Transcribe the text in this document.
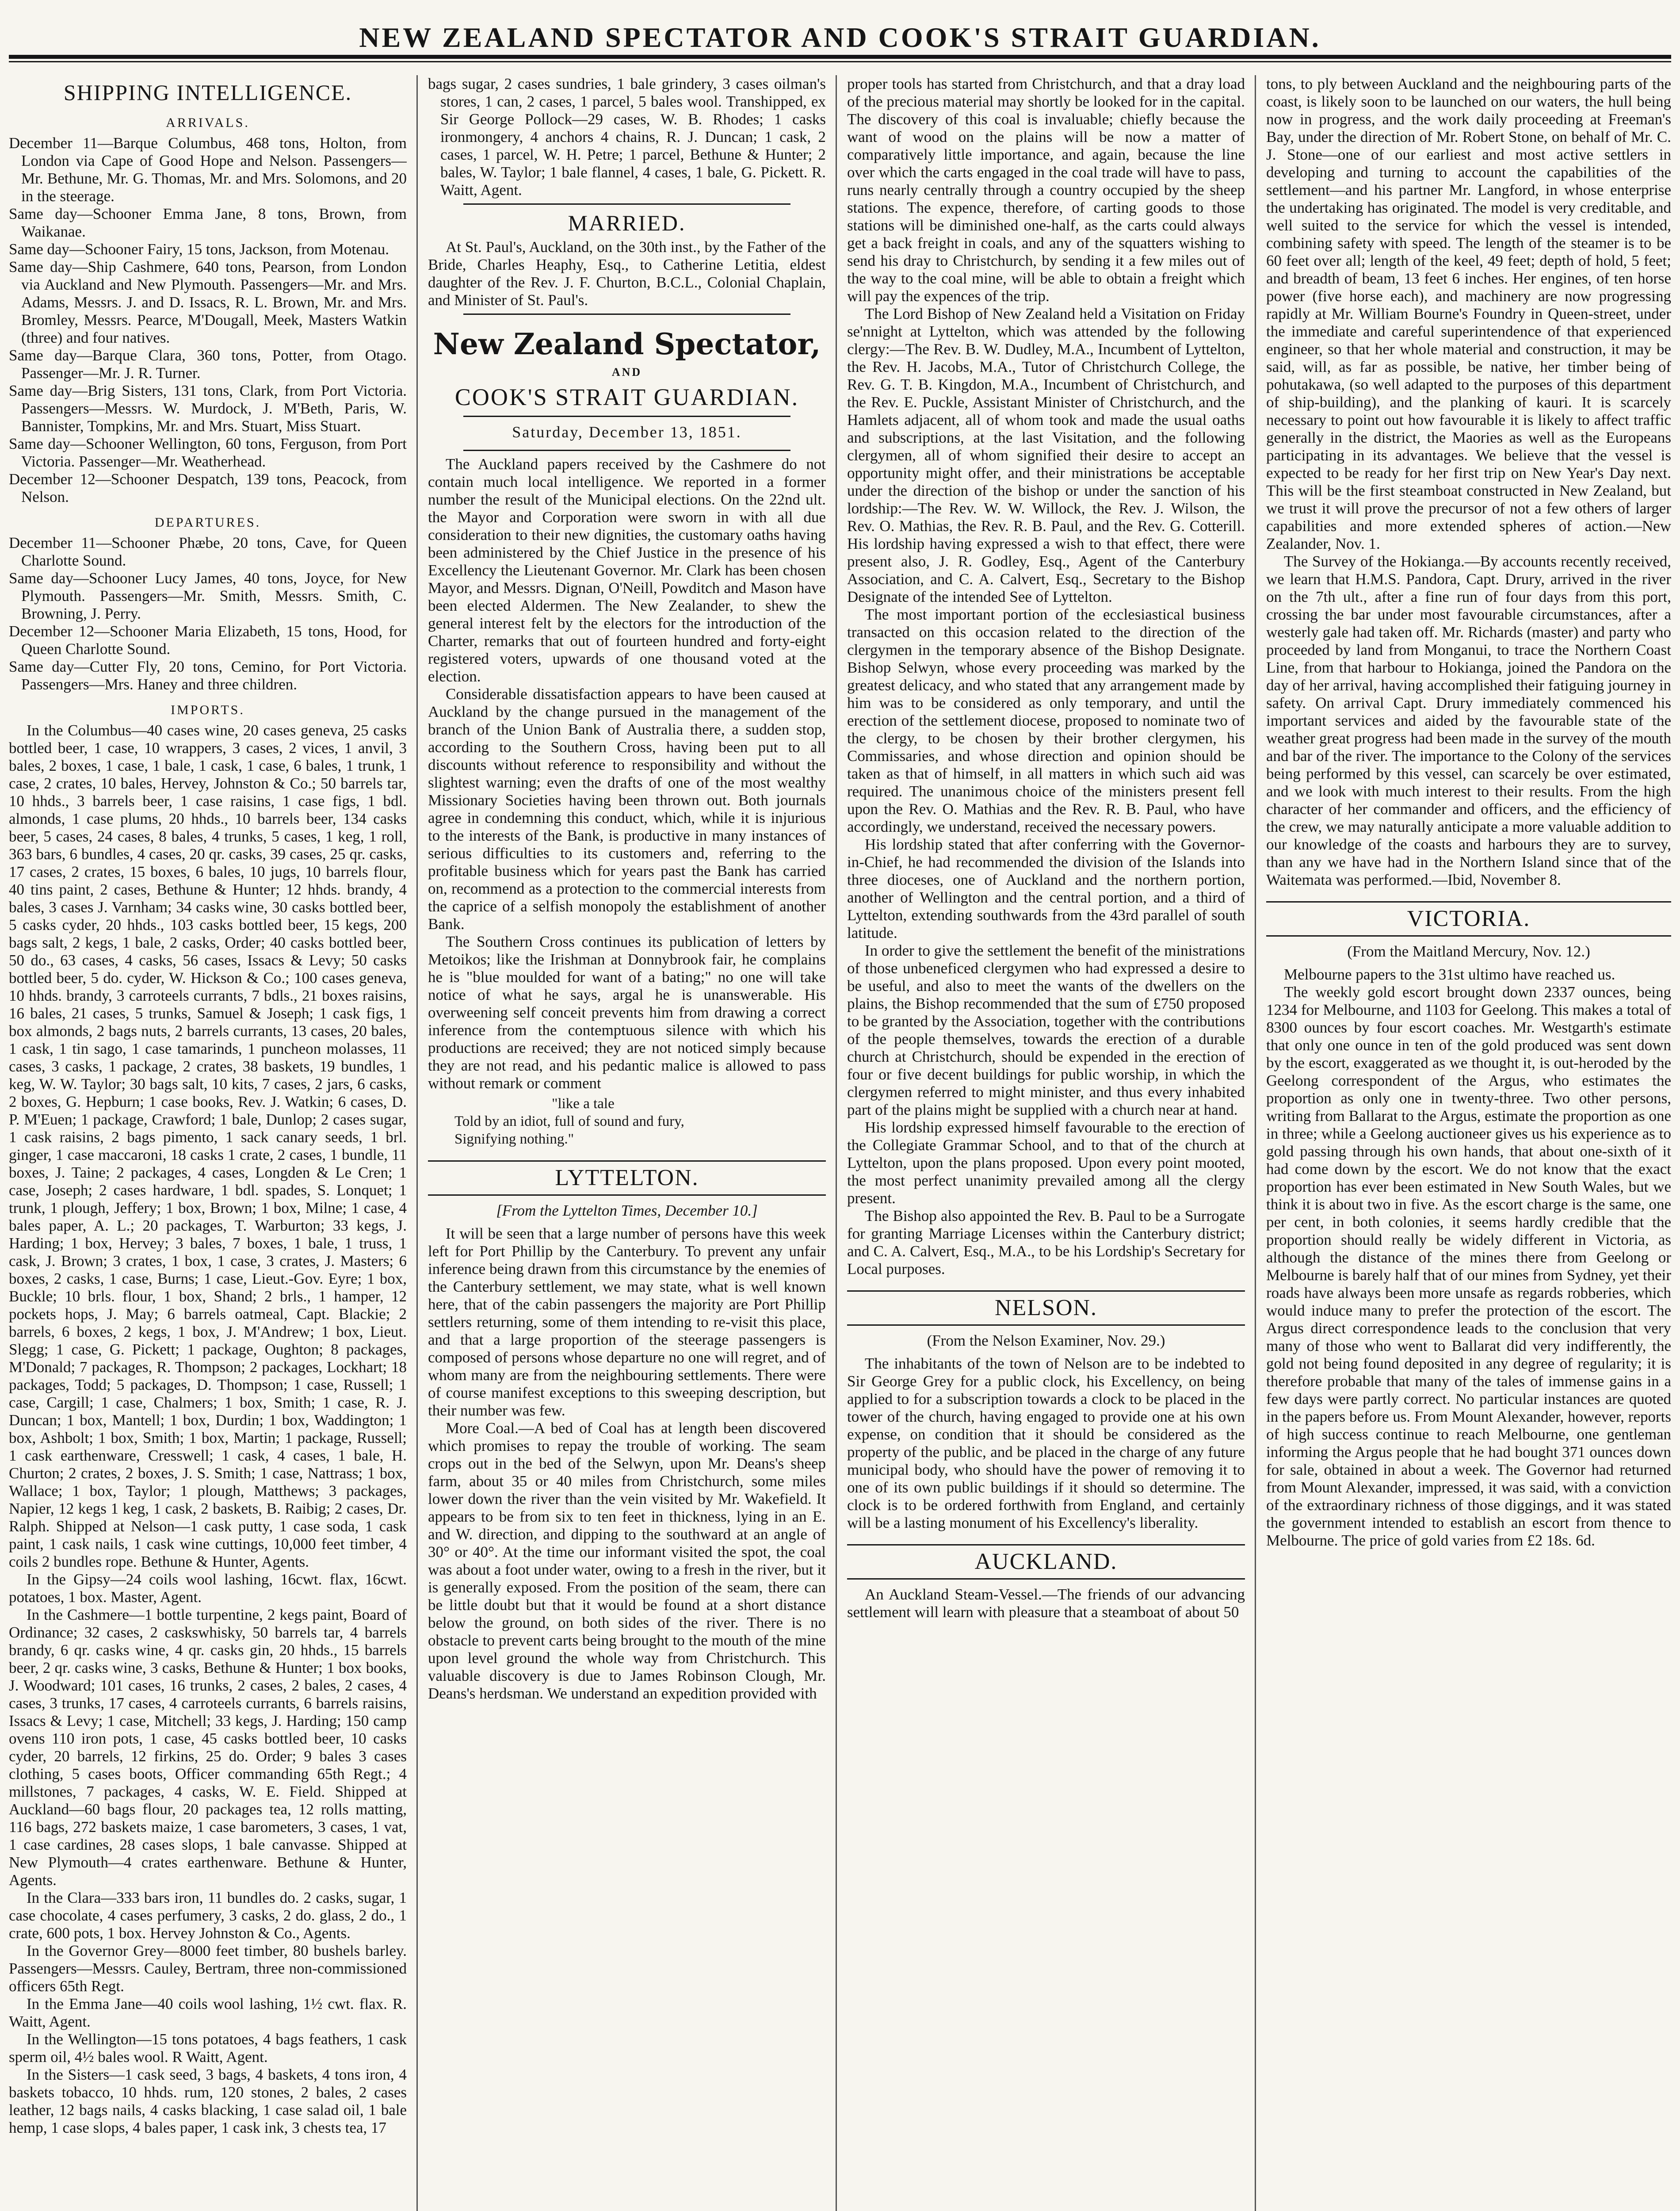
NEW ZEALAND SPECTATOR AND COOK'S STRAIT GUARDIAN.
SHIPPING INTELLIGENCE.
ARRIVALS.

December 11—Barque Columbus, 468 tons, Holton, from London via Cape of Good Hope and Nelson. Passengers—Mr. Bethune, Mr. G. Thomas, Mr. and Mrs. Solomons, and 20 in the steerage.

Same day—Schooner Emma Jane, 8 tons, Brown, from Waikanae.

Same day—Schooner Fairy, 15 tons, Jackson, from Motenau.

Same day—Ship Cashmere, 640 tons, Pearson, from London via Auckland and New Plymouth. Passengers—Mr. and Mrs. Adams, Messrs. J. and D. Issacs, R. L. Brown, Mr. and Mrs. Bromley, Messrs. Pearce, M'Dougall, Meek, Masters Watkin (three) and four natives.

Same day—Barque Clara, 360 tons, Potter, from Otago. Passenger—Mr. J. R. Turner.

Same day—Brig Sisters, 131 tons, Clark, from Port Victoria. Passengers—Messrs. W. Murdock, J. M'Beth, Paris, W. Bannister, Tompkins, Mr. and Mrs. Stuart, Miss Stuart.

Same day—Schooner Wellington, 60 tons, Ferguson, from Port Victoria. Passenger—Mr. Weatherhead.

December 12—Schooner Despatch, 139 tons, Peacock, from Nelson.

DEPARTURES.

December 11—Schooner Phæbe, 20 tons, Cave, for Queen Charlotte Sound.

Same day—Schooner Lucy James, 40 tons, Joyce, for New Plymouth. Passengers—Mr. Smith, Messrs. Smith, C. Browning, J. Perry.

December 12—Schooner Maria Elizabeth, 15 tons, Hood, for Queen Charlotte Sound.

Same day—Cutter Fly, 20 tons, Cemino, for Port Victoria. Passengers—Mrs. Haney and three children.

IMPORTS.

In the Columbus—40 cases wine, 20 cases geneva, 25 casks bottled beer, 1 case, 10 wrappers, 3 cases, 2 vices, 1 anvil, 3 bales, 2 boxes, 1 case, 1 bale, 1 cask, 1 case, 6 bales, 1 trunk, 1 case, 2 crates, 10 bales, Hervey, Johnston & Co.; 50 barrels tar, 10 hhds., 3 barrels beer, 1 case raisins, 1 case figs, 1 bdl. almonds, 1 case plums, 20 hhds., 10 barrels beer, 134 casks beer, 5 cases, 24 cases, 8 bales, 4 trunks, 5 cases, 1 keg, 1 roll, 363 bars, 6 bundles, 4 cases, 20 qr. casks, 39 cases, 25 qr. casks, 17 cases, 2 crates, 15 boxes, 6 bales, 10 jugs, 10 barrels flour, 40 tins paint, 2 cases, Bethune & Hunter; 12 hhds. brandy, 4 bales, 3 cases J. Varnham; 34 casks wine, 30 casks bottled beer, 5 casks cyder, 20 hhds., 103 casks bottled beer, 15 kegs, 200 bags salt, 2 kegs, 1 bale, 2 casks, Order; 40 casks bottled beer, 50 do., 63 cases, 4 casks, 56 cases, Issacs & Levy; 50 casks bottled beer, 5 do. cyder, W. Hickson & Co.; 100 cases geneva, 10 hhds. brandy, 3 carroteels currants, 7 bdls., 21 boxes raisins, 16 bales, 21 cases, 5 trunks, Samuel & Joseph; 1 cask figs, 1 box almonds, 2 bags nuts, 2 barrels currants, 13 cases, 20 bales, 1 cask, 1 tin sago, 1 case tamarinds, 1 puncheon molasses, 11 cases, 3 casks, 1 package, 2 crates, 38 baskets, 19 bundles, 1 keg, W. W. Taylor; 30 bags salt, 10 kits, 7 cases, 2 jars, 6 casks, 2 boxes, G. Hepburn; 1 case books, Rev. J. Watkin; 6 cases, D. P. M'Euen; 1 package, Crawford; 1 bale, Dunlop; 2 cases sugar, 1 cask raisins, 2 bags pimento, 1 sack canary seeds, 1 brl. ginger, 1 case maccaroni, 18 casks 1 crate, 2 cases, 1 bundle, 11 boxes, J. Taine; 2 packages, 4 cases, Longden & Le Cren; 1 case, Joseph; 2 cases hardware, 1 bdl. spades, S. Lonquet; 1 trunk, 1 plough, Jeffery; 1 box, Brown; 1 box, Milne; 1 case, 4 bales paper, A. L.; 20 packages, T. Warburton; 33 kegs, J. Harding; 1 box, Hervey; 3 bales, 7 boxes, 1 bale, 1 truss, 1 cask, J. Brown; 3 crates, 1 box, 1 case, 3 crates, J. Masters; 6 boxes, 2 casks, 1 case, Burns; 1 case, Lieut.-Gov. Eyre; 1 box, Buckle; 10 brls. flour, 1 box, Shand; 2 brls., 1 hamper, 12 pockets hops, J. May; 6 barrels oatmeal, Capt. Blackie; 2 barrels, 6 boxes, 2 kegs, 1 box, J. M'Andrew; 1 box, Lieut. Slegg; 1 case, G. Pickett; 1 package, Oughton; 8 packages, M'Donald; 7 packages, R. Thompson; 2 packages, Lockhart; 18 packages, Todd; 5 packages, D. Thompson; 1 case, Russell; 1 case, Cargill; 1 case, Chalmers; 1 box, Smith; 1 case, R. J. Duncan; 1 box, Mantell; 1 box, Durdin; 1 box, Waddington; 1 box, Ashbolt; 1 box, Smith; 1 box, Martin; 1 package, Russell; 1 cask earthenware, Cresswell; 1 cask, 4 cases, 1 bale, H. Churton; 2 crates, 2 boxes, J. S. Smith; 1 case, Nattrass; 1 box, Wallace; 1 box, Taylor; 1 plough, Matthews; 3 packages, Napier, 12 kegs 1 keg, 1 cask, 2 baskets, B. Raibig; 2 cases, Dr. Ralph. Shipped at Nelson—1 cask putty, 1 case soda, 1 cask paint, 1 cask nails, 1 cask wine cuttings, 10,000 feet timber, 4 coils 2 bundles rope. Bethune & Hunter, Agents.

In the Gipsy—24 coils wool lashing, 16cwt. flax, 16cwt. potatoes, 1 box. Master, Agent.

In the Cashmere—1 bottle turpentine, 2 kegs paint, Board of Ordinance; 32 cases, 2 caskswhisky, 50 barrels tar, 4 barrels brandy, 6 qr. casks wine, 4 qr. casks gin, 20 hhds., 15 barrels beer, 2 qr. casks wine, 3 casks, Bethune & Hunter; 1 box books, J. Woodward; 101 cases, 16 trunks, 2 cases, 2 bales, 2 cases, 4 cases, 3 trunks, 17 cases, 4 carroteels currants, 6 barrels raisins, Issacs & Levy; 1 case, Mitchell; 33 kegs, J. Harding; 150 camp ovens 110 iron pots, 1 case, 45 casks bottled beer, 10 casks cyder, 20 barrels, 12 firkins, 25 do. Order; 9 bales 3 cases clothing, 5 cases boots, Officer commanding 65th Regt.; 4 millstones, 7 packages, 4 casks, W. E. Field. Shipped at Auckland—60 bags flour, 20 packages tea, 12 rolls matting, 116 bags, 272 baskets maize, 1 case barometers, 3 cases, 1 vat, 1 case cardines, 28 cases slops, 1 bale canvasse. Shipped at New Plymouth—4 crates earthenware. Bethune & Hunter, Agents.

In the Clara—333 bars iron, 11 bundles do. 2 casks, sugar, 1 case chocolate, 4 cases perfumery, 3 casks, 2 do. glass, 2 do., 1 crate, 600 pots, 1 box. Hervey Johnston & Co., Agents.

In the Governor Grey—8000 feet timber, 80 bushels barley. Passengers—Messrs. Cauley, Bertram, three non-commissioned officers 65th Regt.

In the Emma Jane—40 coils wool lashing, 1½ cwt. flax. R. Waitt, Agent.

In the Wellington—15 tons potatoes, 4 bags feathers, 1 cask sperm oil, 4½ bales wool. R Waitt, Agent.

In the Sisters—1 cask seed, 3 bags, 4 baskets, 4 tons iron, 4 baskets tobacco, 10 hhds. rum, 120 stones, 2 bales, 2 cases leather, 12 bags nails, 4 casks blacking, 1 case salad oil, 1 bale hemp, 1 case slops, 4 bales paper, 1 cask ink, 3 chests tea, 17

bags sugar, 2 cases sundries, 1 bale grindery, 3 cases oilman's stores, 1 can, 2 cases, 1 parcel, 5 bales wool. Transhipped, ex Sir George Pollock—29 cases, W. B. Rhodes; 1 casks ironmongery, 4 anchors 4 chains, R. J. Duncan; 1 cask, 2 cases, 1 parcel, W. H. Petre; 1 parcel, Bethune & Hunter; 2 bales, W. Taylor; 1 bale flannel, 4 cases, 1 bale, G. Pickett. R. Waitt, Agent.

MARRIED.

At St. Paul's, Auckland, on the 30th inst., by the Father of the Bride, Charles Heaphy, Esq., to Catherine Letitia, eldest daughter of the Rev. J. F. Churton, B.C.L., Colonial Chaplain, and Minister of St. Paul's.

New Zealand Spectator,
AND
COOK'S STRAIT GUARDIAN.
Saturday, December 13, 1851.

The Auckland papers received by the Cashmere do not contain much local intelligence. We reported in a former number the result of the Municipal elections. On the 22nd ult. the Mayor and Corporation were sworn in with all due consideration to their new dignities, the customary oaths having been administered by the Chief Justice in the presence of his Excellency the Lieutenant Governor. Mr. Clark has been chosen Mayor, and Messrs. Dignan, O'Neill, Powditch and Mason have been elected Aldermen. The New Zealander, to shew the general interest felt by the electors for the introduction of the Charter, remarks that out of fourteen hundred and forty-eight registered voters, upwards of one thousand voted at the election.

Considerable dissatisfaction appears to have been caused at Auckland by the change pursued in the management of the branch of the Union Bank of Australia there, a sudden stop, according to the Southern Cross, having been put to all discounts without reference to responsibility and without the slightest warning; even the drafts of one of the most wealthy Missionary Societies having been thrown out. Both journals agree in condemning this conduct, which, while it is injurious to the interests of the Bank, is productive in many instances of serious difficulties to its customers and, referring to the profitable business which for years past the Bank has carried on, recommend as a protection to the commercial interests from the caprice of a selfish monopoly the establishment of another Bank.

The Southern Cross continues its publication of letters by Metoikos; like the Irishman at Donnybrook fair, he complains he is "blue moulded for want of a bating;" no one will take notice of what he says, argal he is unanswerable. His overweening self conceit prevents him from drawing a correct inference from the contemptuous silence with which his productions are received; they are not noticed simply because they are not read, and his pedantic malice is allowed to pass without remark or comment

"like a tale
Told by an idiot, full of sound and fury,
Signifying nothing."
LYTTELTON.
[From the Lyttelton Times, December 10.]

It will be seen that a large number of persons have this week left for Port Phillip by the Canterbury. To prevent any unfair inference being drawn from this circumstance by the enemies of the Canterbury settlement, we may state, what is well known here, that of the cabin passengers the majority are Port Phillip settlers returning, some of them intending to re-visit this place, and that a large proportion of the steerage passengers is composed of persons whose departure no one will regret, and of whom many are from the neighbouring settlements. There were of course manifest exceptions to this sweeping description, but their number was few.

More Coal.—A bed of Coal has at length been discovered which promises to repay the trouble of working. The seam crops out in the bed of the Selwyn, upon Mr. Deans's sheep farm, about 35 or 40 miles from Christchurch, some miles lower down the river than the vein visited by Mr. Wakefield. It appears to be from six to ten feet in thickness, lying in an E. and W. direction, and dipping to the southward at an angle of 30° or 40°. At the time our informant visited the spot, the coal was about a foot under water, owing to a fresh in the river, but it is generally exposed. From the position of the seam, there can be little doubt but that it would be found at a short distance below the ground, on both sides of the river. There is no obstacle to prevent carts being brought to the mouth of the mine upon level ground the whole way from Christchurch. This valuable discovery is due to James Robinson Clough, Mr. Deans's herdsman. We understand an expedition provided with

proper tools has started from Christchurch, and that a dray load of the precious material may shortly be looked for in the capital. The discovery of this coal is invaluable; chiefly because the want of wood on the plains will be now a matter of comparatively little importance, and again, because the line over which the carts engaged in the coal trade will have to pass, runs nearly centrally through a country occupied by the sheep stations. The expence, therefore, of carting goods to those stations will be diminished one-half, as the carts could always get a back freight in coals, and any of the squatters wishing to send his dray to Christchurch, by sending it a few miles out of the way to the coal mine, will be able to obtain a freight which will pay the expences of the trip.

The Lord Bishop of New Zealand held a Visitation on Friday se'nnight at Lyttelton, which was attended by the following clergy:—The Rev. B. W. Dudley, M.A., Incumbent of Lyttelton, the Rev. H. Jacobs, M.A., Tutor of Christchurch College, the Rev. G. T. B. Kingdon, M.A., Incumbent of Christchurch, and the Rev. E. Puckle, Assistant Minister of Christchurch, and the Hamlets adjacent, all of whom took and made the usual oaths and subscriptions, at the last Visitation, and the following clergymen, all of whom signified their desire to accept an opportunity might offer, and their ministrations be acceptable under the direction of the bishop or under the sanction of his lordship:—The Rev. W. W. Willock, the Rev. J. Wilson, the Rev. O. Mathias, the Rev. R. B. Paul, and the Rev. G. Cotterill. His lordship having expressed a wish to that effect, there were present also, J. R. Godley, Esq., Agent of the Canterbury Association, and C. A. Calvert, Esq., Secretary to the Bishop Designate of the intended See of Lyttelton.

The most important portion of the ecclesiastical business transacted on this occasion related to the direction of the clergymen in the temporary absence of the Bishop Designate. Bishop Selwyn, whose every proceeding was marked by the greatest delicacy, and who stated that any arrangement made by him was to be considered as only temporary, and until the erection of the settlement diocese, proposed to nominate two of the clergy, to be chosen by their brother clergymen, his Commissaries, and whose direction and opinion should be taken as that of himself, in all matters in which such aid was required. The unanimous choice of the ministers present fell upon the Rev. O. Mathias and the Rev. R. B. Paul, who have accordingly, we understand, received the necessary powers.

His lordship stated that after conferring with the Governor-in-Chief, he had recommended the division of the Islands into three dioceses, one of Auckland and the northern portion, another of Wellington and the central portion, and a third of Lyttelton, extending southwards from the 43rd parallel of south latitude.

In order to give the settlement the benefit of the ministrations of those unbeneficed clergymen who had expressed a desire to be useful, and also to meet the wants of the dwellers on the plains, the Bishop recommended that the sum of £750 proposed to be granted by the Association, together with the contributions of the people themselves, towards the erection of a durable church at Christchurch, should be expended in the erection of four or five decent buildings for public worship, in which the clergymen referred to might minister, and thus every inhabited part of the plains might be supplied with a church near at hand.

His lordship expressed himself favourable to the erection of the Collegiate Grammar School, and to that of the church at Lyttelton, upon the plans proposed. Upon every point mooted, the most perfect unanimity prevailed among all the clergy present.

The Bishop also appointed the Rev. B. Paul to be a Surrogate for granting Marriage Licenses within the Canterbury district; and C. A. Calvert, Esq., M.A., to be his Lordship's Secretary for Local purposes.

NELSON.
(From the Nelson Examiner, Nov. 29.)

The inhabitants of the town of Nelson are to be indebted to Sir George Grey for a public clock, his Excellency, on being applied to for a subscription towards a clock to be placed in the tower of the church, having engaged to provide one at his own expense, on condition that it should be considered as the property of the public, and be placed in the charge of any future municipal body, who should have the power of removing it to one of its own public buildings if it should so determine. The clock is to be ordered forthwith from England, and certainly will be a lasting monument of his Excellency's liberality.

AUCKLAND.

An Auckland Steam-Vessel.—The friends of our advancing settlement will learn with pleasure that a steamboat of about 50

tons, to ply between Auckland and the neighbouring parts of the coast, is likely soon to be launched on our waters, the hull being now in progress, and the work daily proceeding at Freeman's Bay, under the direction of Mr. Robert Stone, on behalf of Mr. C. J. Stone—one of our earliest and most active settlers in developing and turning to account the capabilities of the settlement—and his partner Mr. Langford, in whose enterprise the undertaking has originated. The model is very creditable, and well suited to the service for which the vessel is intended, combining safety with speed. The length of the steamer is to be 60 feet over all; length of the keel, 49 feet; depth of hold, 5 feet; and breadth of beam, 13 feet 6 inches. Her engines, of ten horse power (five horse each), and machinery are now progressing rapidly at Mr. William Bourne's Foundry in Queen-street, under the immediate and careful superintendence of that experienced engineer, so that her whole material and construction, it may be said, will, as far as possible, be native, her timber being of pohutakawa, (so well adapted to the purposes of this department of ship-building), and the planking of kauri. It is scarcely necessary to point out how favourable it is likely to affect traffic generally in the district, the Maories as well as the Europeans participating in its advantages. We believe that the vessel is expected to be ready for her first trip on New Year's Day next. This will be the first steamboat constructed in New Zealand, but we trust it will prove the precursor of not a few others of larger capabilities and more extended spheres of action.—New Zealander, Nov. 1.

The Survey of the Hokianga.—By accounts recently received, we learn that H.M.S. Pandora, Capt. Drury, arrived in the river on the 7th ult., after a fine run of four days from this port, crossing the bar under most favourable circumstances, after a westerly gale had taken off. Mr. Richards (master) and party who proceeded by land from Monganui, to trace the Northern Coast Line, from that harbour to Hokianga, joined the Pandora on the day of her arrival, having accomplished their fatiguing journey in safety. On arrival Capt. Drury immediately commenced his important services and aided by the favourable state of the weather great progress had been made in the survey of the mouth and bar of the river. The importance to the Colony of the services being performed by this vessel, can scarcely be over estimated, and we look with much interest to their results. From the high character of her commander and officers, and the efficiency of the crew, we may naturally anticipate a more valuable addition to our knowledge of the coasts and harbours they are to survey, than any we have had in the Northern Island since that of the Waitemata was performed.—Ibid, November 8.

VICTORIA.
(From the Maitland Mercury, Nov. 12.)

Melbourne papers to the 31st ultimo have reached us.

The weekly gold escort brought down 2337 ounces, being 1234 for Melbourne, and 1103 for Geelong. This makes a total of 8300 ounces by four escort coaches. Mr. Westgarth's estimate that only one ounce in ten of the gold produced was sent down by the escort, exaggerated as we thought it, is out-heroded by the Geelong correspondent of the Argus, who estimates the proportion as only one in twenty-three. Two other persons, writing from Ballarat to the Argus, estimate the proportion as one in three; while a Geelong auctioneer gives us his experience as to gold passing through his own hands, that about one-sixth of it had come down by the escort. We do not know that the exact proportion has ever been estimated in New South Wales, but we think it is about two in five. As the escort charge is the same, one per cent, in both colonies, it seems hardly credible that the proportion should really be widely different in Victoria, as although the distance of the mines there from Geelong or Melbourne is barely half that of our mines from Sydney, yet their roads have always been more unsafe as regards robberies, which would induce many to prefer the protection of the escort. The Argus direct correspondence leads to the conclusion that very many of those who went to Ballarat did very indifferently, the gold not being found deposited in any degree of regularity; it is therefore probable that many of the tales of immense gains in a few days were partly correct. No particular instances are quoted in the papers before us. From Mount Alexander, however, reports of high success continue to reach Melbourne, one gentleman informing the Argus people that he had bought 371 ounces down for sale, obtained in about a week. The Governor had returned from Mount Alexander, impressed, it was said, with a conviction of the extraordinary richness of those diggings, and it was stated the government intended to establish an escort from thence to Melbourne. The price of gold varies from £2 18s. 6d.
